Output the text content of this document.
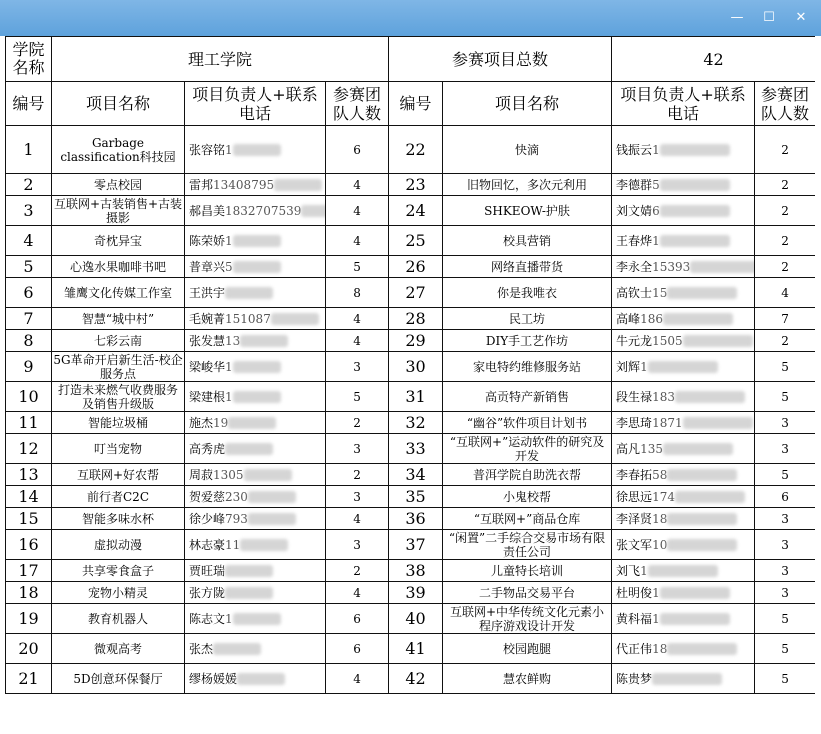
—	☐	✕
学院名称	理工学院			参赛项目总数		42	
编号	项目名称	项目负责人+联系电话	参赛团队人数	编号	项目名称	项目负责人+联系电话	参赛团队人数
1	Garbage classification科技园	张容铭1	6	22	快滴	钱振云1	2
2	零点校园	雷邦13408795	4	23	旧物回忆，多次元利用	李德群5	2
3	互联网+古装销售+古装摄影	郝昌美1832707539	4	24	SHKEOW-护肤	刘文婧6	2
4	奇枕异宝	陈荣娇1	4	25	校具营销	王春烨1	2
5	心逸水果咖啡书吧	普章兴5	5	26	网络直播带货	李永全15393	2
6	雏鹰文化传媒工作室	王洪宇	8	27	你是我唯衣	高钦士15	4
7	智慧“城中村”	毛婉菁151087	4	28	民工坊	高峰186	7
8	七彩云南	张发慧13	4	29	DIY手工艺作坊	牛元龙1505	2
9	5G革命开启新生活-校企服务点	梁峻华1	3	30	家电特约维修服务站	刘辉1	5
10	打造未来燃气收费服务及销售升级版	梁建根1	5	31	高贡特产新销售	段生禄183	5
11	智能垃圾桶	施杰19	2	32	“幽谷”软件项目计划书	李思琦1871	3
12	叮当宠物	高秀虎	3	33	“互联网+”运动软件的研究及开发	高凡135	3
13	互联网+好农帮	周菽1305	2	34	普洱学院自助洗衣帮	李春拓58	5
14	前行者C2C	贺爱慈230	3	35	小鬼校帮	徐思远174	6
15	智能多味水杯	徐少峰793	4	36	“互联网+”商品仓库	李泽贤18	3
16	虚拟动漫	林志豪11	3	37	“闲置”二手综合交易市场有限责任公司	张文军10	3
17	共享零食盒子	贾旺瑞	2	38	儿童特长培训	刘飞1	3
18	宠物小精灵	张方陇	4	39	二手物品交易平台	杜明俊1	3
19	教育机器人	陈志文1	6	40	互联网+中华传统文化元素小程序游戏设计开发	黄科福1	5
20	微观高考	张杰	6	41	校园跑腿	代正伟18	5
21	5D创意环保餐厅	缪杨媛媛	4	42	慧农鲜购	陈贵梦	5
